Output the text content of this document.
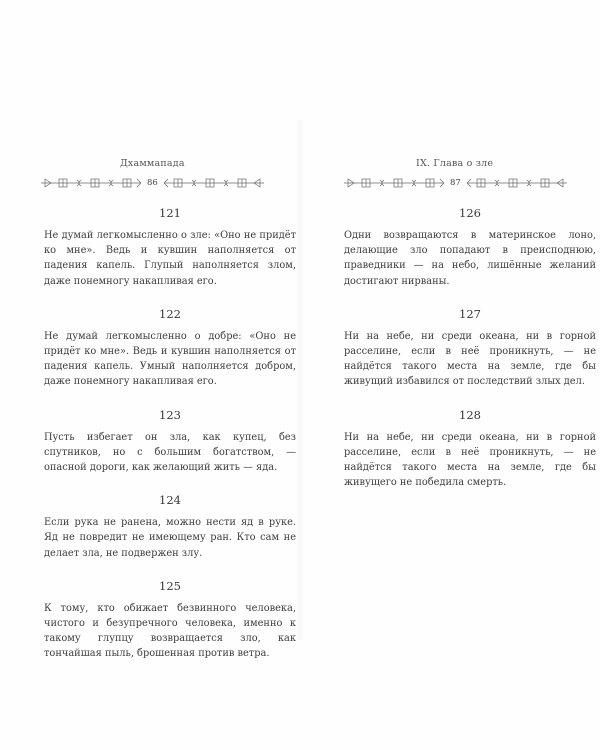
Дхаммапада
86
121

Не думай легкомысленно о зле: «Оно не придёт ко мне». Ведь и кувшин наполняется от падения капель. Глупый наполняется злом, даже понемногу накапливая его.

122

Не думай легкомысленно о добре: «Оно не придёт ко мне». Ведь и кувшин наполняется от падения капель. Умный наполняется добром, даже понемногу накапливая его.

123

Пусть избегает он зла, как купец, без спутников, но с большим богатством, — опасной дороги, как желающий жить — яда.

124

Если рука не ранена, можно нести яд в руке. Яд не повредит не имеющему ран. Кто сам не делает зла, не подвержен злу.

125

К тому, кто обижает безвинного человека, чистого и безупречного человека, именно к такому глупцу возвращается зло, как тончайшая пыль, брошенная против ветра.

IX. Глава о зле
87
126

Одни возвращаются в материнское лоно, делающие зло попадают в преисподнюю, праведники — на небо, лишённые желаний достигают нирваны.

127

Ни на небе, ни среди океана, ни в горной расселине, если в неё проникнуть, — не найдётся такого места на земле, где бы живущий избавился от последствий злых дел.

128

Ни на небе, ни среди океана, ни в горной расселине, если в неё проникнуть, — не найдётся такого места на земле, где бы живущего не победила смерть.
